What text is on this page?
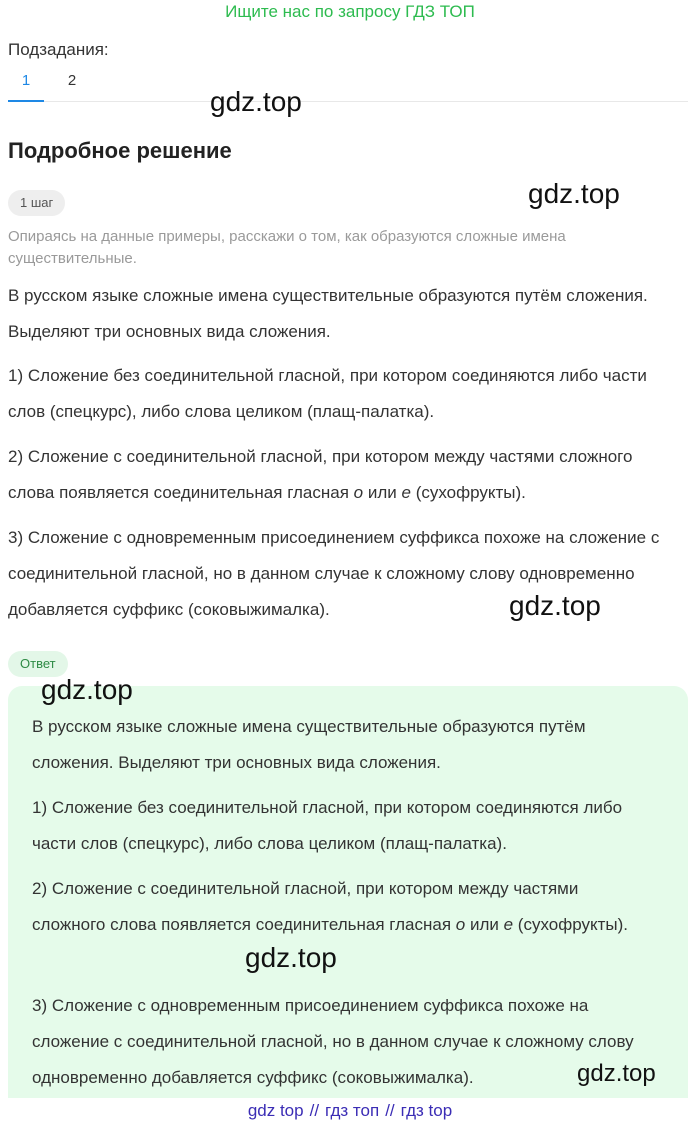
Ищите нас по запросу ГДЗ ТОП
Подзадания:
1	2
gdz.top
Подробное решение
gdz.top
1 шаг
Опираясь на данные примеры, расскажи о том, как образуются сложные имена существительные.
В русском языке сложные имена существительные образуются путём сложения. Выделяют три основных вида сложения.
1) Сложение без соединительной гласной, при котором соединяются либо части слов (спецкурс), либо слова целиком (плащ-палатка).
2) Сложение с соединительной гласной, при котором между частями сложного слова появляется соединительная гласная о или е (сухофрукты).
3) Сложение с одновременным присоединением суффикса похоже на сложение с соединительной гласной, но в данном случае к сложному слову одновременно добавляется суффикс (соковыжималка).	gdz.top
Ответ
gdz.top
В русском языке сложные имена существительные образуются путём сложения. Выделяют три основных вида сложения.
1) Сложение без соединительной гласной, при котором соединяются либо части слов (спецкурс), либо слова целиком (плащ-палатка).
2) Сложение с соединительной гласной, при котором между частями сложного слова появляется соединительная гласная о или е (сухофрукты).
gdz.top
3) Сложение с одновременным присоединением суффикса похоже на сложение с соединительной гласной, но в данном случае к сложному слову одновременно добавляется суффикс (соковыжималка).	gdz.top
gdz top // гдз топ // гдз top
